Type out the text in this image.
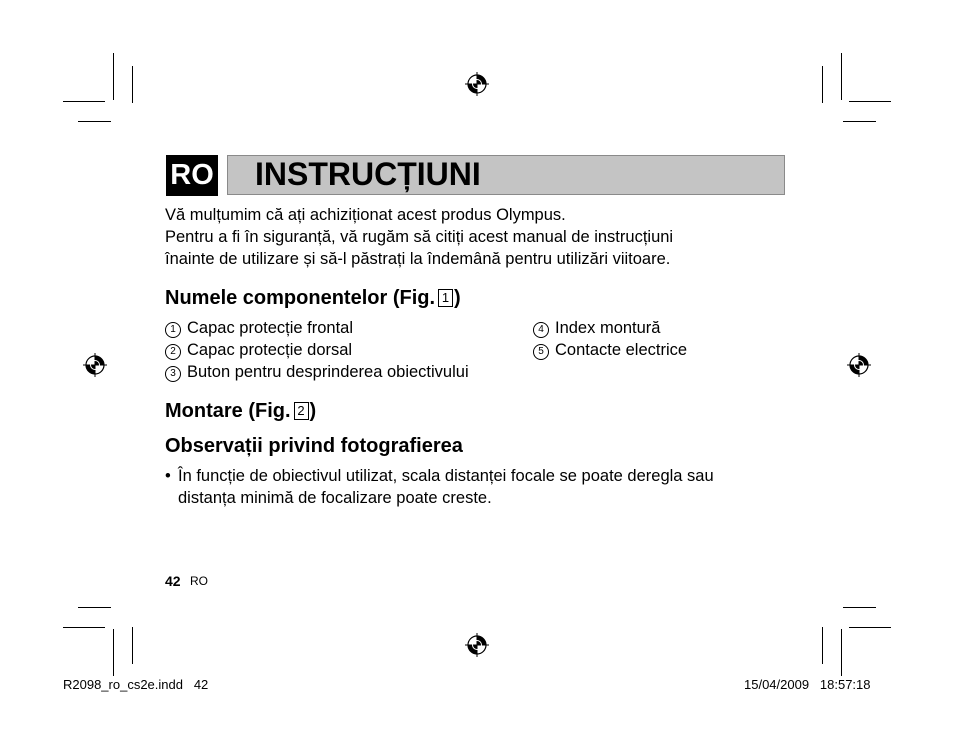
RO INSTRUCȚIUNI
Vă mulțumim că ați achiziționat acest produs Olympus.
Pentru a fi în siguranță, vă rugăm să citiți acest manual de instrucțiuni
înainte de utilizare și să-l păstrați la îndemână pentru utilizări viitoare.
Numele componentelor (Fig. 1 )
1 Capac protecție frontal
2 Capac protecție dorsal
3 Buton pentru desprinderea obiectivului
4 Index montură
5 Contacte electrice
Montare (Fig. 2 )
Observații privind fotografierea
• În funcție de obiectivul utilizat, scala distanței focale se poate deregla sau
distanța minimă de focalizare poate creste.
42 RO
R2098_ro_cs2e.indd   42	15/04/2009   18:57:18
